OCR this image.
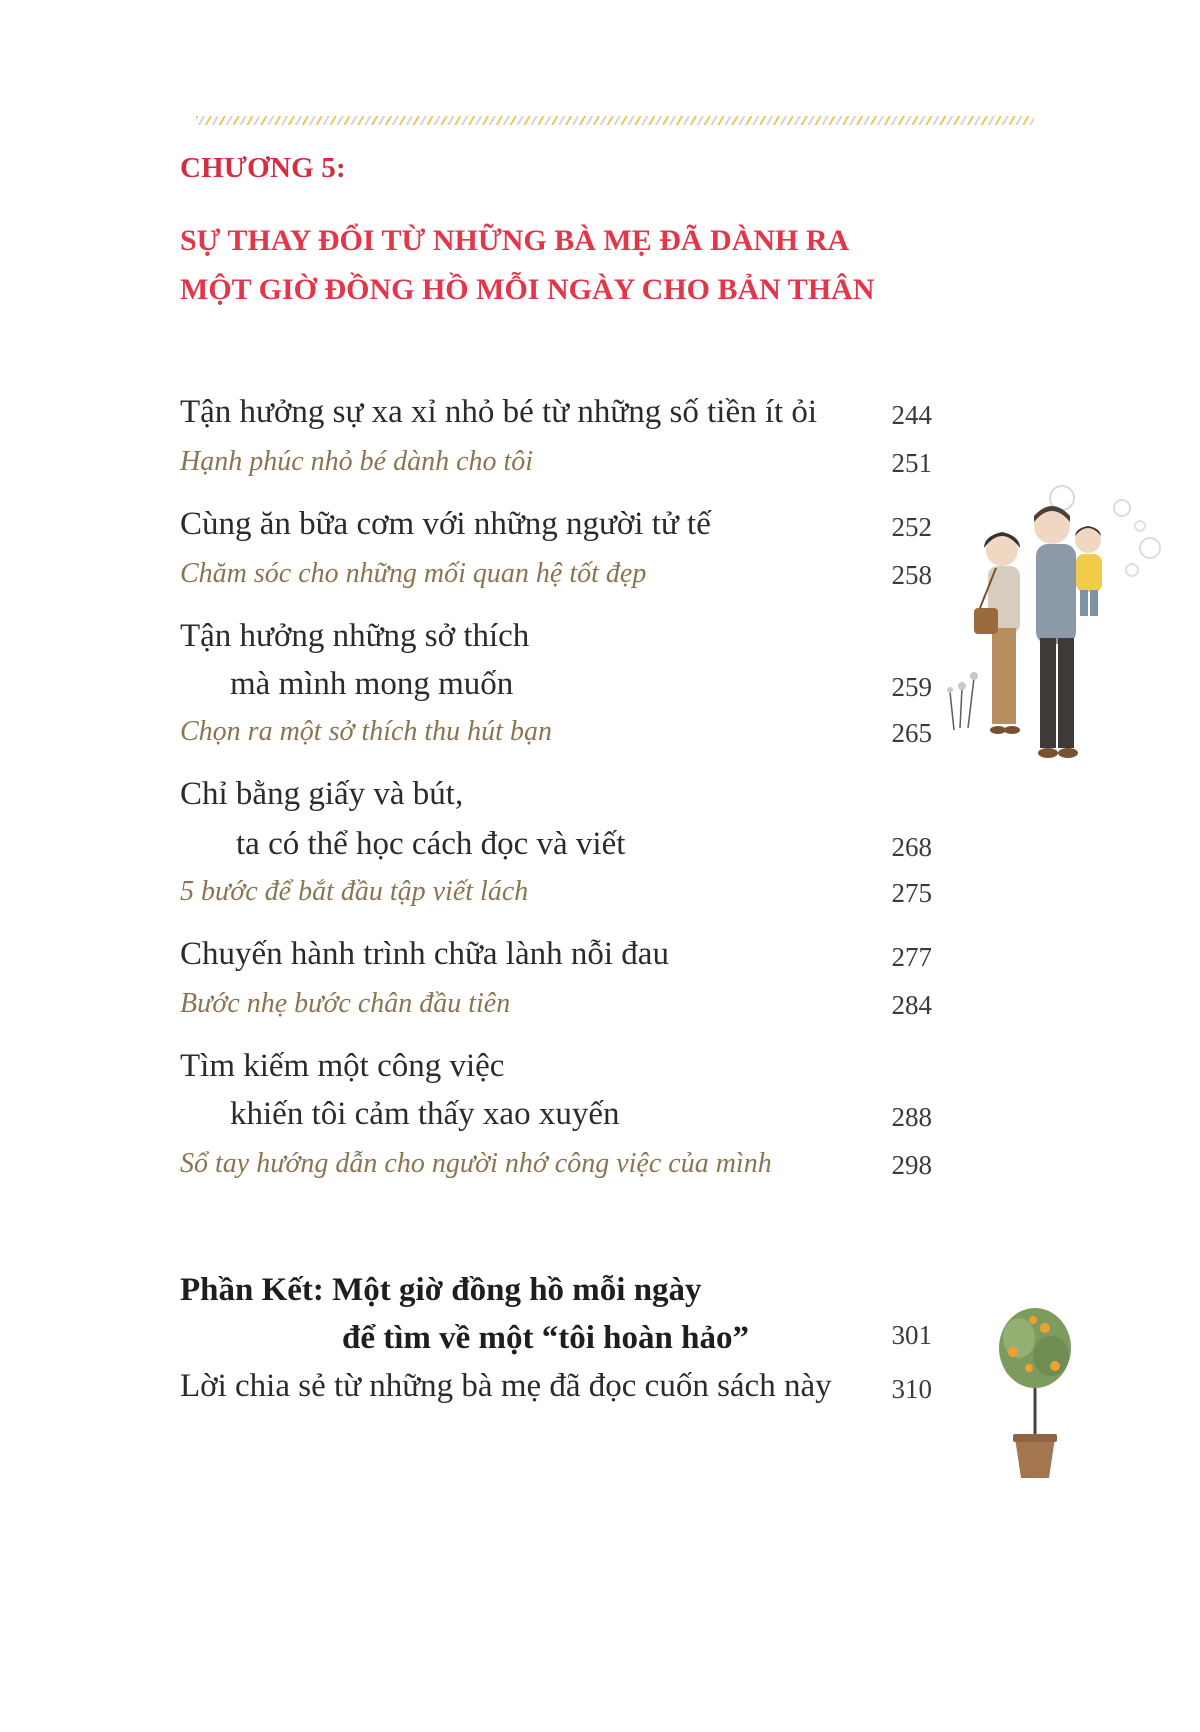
CHƯƠNG 5:
SỰ THAY ĐỔI TỪ NHỮNG BÀ MẸ ĐÃ DÀNH RA
MỘT GIỜ ĐỒNG HỒ MỖI NGÀY CHO BẢN THÂN
Tận hưởng sự xa xỉ nhỏ bé từ những số tiền ít ỏi	244
Hạnh phúc nhỏ bé dành cho tôi	251
Cùng ăn bữa cơm với những người tử tế	252
Chăm sóc cho những mối quan hệ tốt đẹp	258
Tận hưởng những sở thích
mà mình mong muốn	259
Chọn ra một sở thích thu hút bạn	265
Chỉ bằng giấy và bút,
ta có thể học cách đọc và viết	268
5 bước để bắt đầu tập viết lách	275
Chuyến hành trình chữa lành nỗi đau	277
Bước nhẹ bước chân đầu tiên	284
Tìm kiếm một công việc
khiến tôi cảm thấy xao xuyến	288
Sổ tay hướng dẫn cho người nhớ công việc của mình	298
Phần Kết: Một giờ đồng hồ mỗi ngày
để tìm về một “tôi hoàn hảo”	301
Lời chia sẻ từ những bà mẹ đã đọc cuốn sách này	310
